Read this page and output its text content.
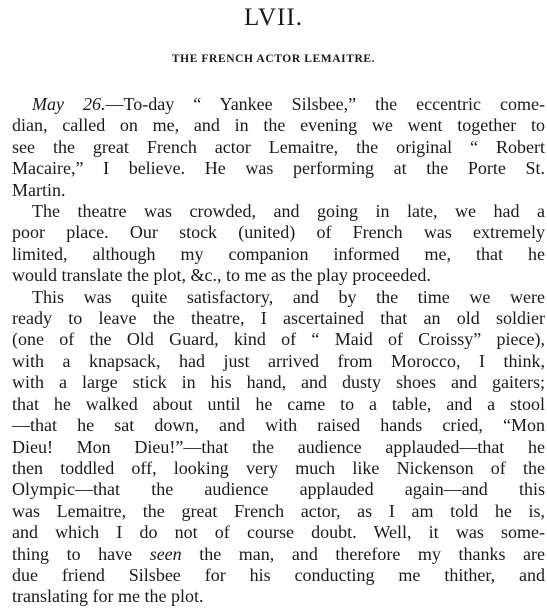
LVII.
THE FRENCH ACTOR LEMAITRE.
May 26.—To-day “ Yankee Silsbee,” the eccentric come-
dian, called on me, and in the evening we went together to
see the great French actor Lemaitre, the original “ Robert
Macaire,” I believe. He was performing at the Porte St.
Martin.
The theatre was crowded, and going in late, we had a
poor place. Our stock (united) of French was extremely
limited, although my companion informed me, that he
would translate the plot, &c., to me as the play proceeded.
This was quite satisfactory, and by the time we were
ready to leave the theatre, I ascertained that an old soldier
(one of the Old Guard, kind of “ Maid of Croissy” piece),
with a knapsack, had just arrived from Morocco, I think,
with a large stick in his hand, and dusty shoes and gaiters;
that he walked about until he came to a table, and a stool
—that he sat down, and with raised hands cried, “Mon
Dieu! Mon Dieu!”—that the audience applauded—that he
then toddled off, looking very much like Nickenson of the
Olympic—that the audience applauded again—and this
was Lemaitre, the great French actor, as I am told he is,
and which I do not of course doubt. Well, it was some-
thing to have seen the man, and therefore my thanks are
due friend Silsbee for his conducting me thither, and
translating for me the plot.
